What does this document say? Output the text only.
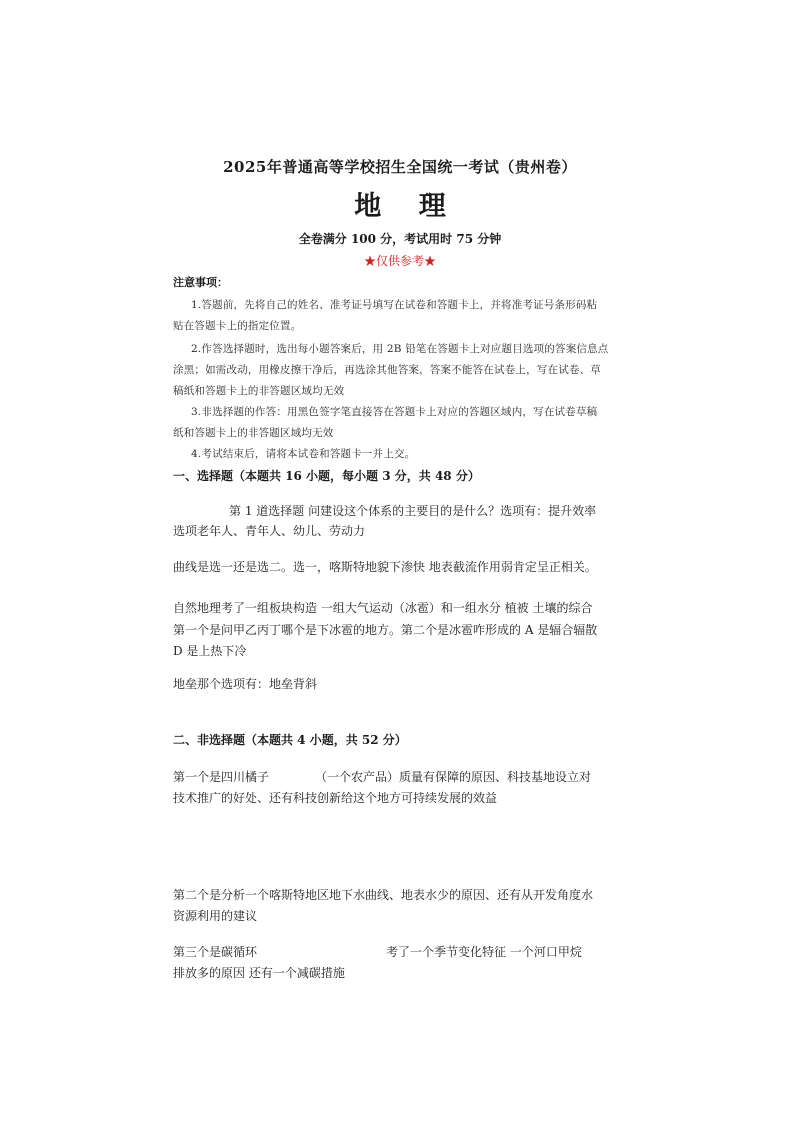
2025年普通高等学校招生全国统一考试（贵州卷）

地 理

全卷满分 100 分，考试用时 75 分钟

★仅供参考★

注意事项：

1.答题前，先将自己的姓名、准考证号填写在试卷和答题卡上，并将准考证号条形码粘

贴在答题卡上的指定位置。

2.作答选择题时，选出每小题答案后，用 2B 铅笔在答题卡上对应题目选项的答案信息点

涂黑；如需改动，用橡皮擦干净后，再选涂其他答案，答案不能答在试卷上，写在试卷、草

稿纸和答题卡上的非答题区域均无效

3.非选择题的作答：用黑色签字笔直接答在答题卡上对应的答题区域内，写在试卷草稿

纸和答题卡上的非答题区域均无效

4.考试结束后，请将本试卷和答题卡一并上交。

一、选择题（本题共 16 小题，每小题 3 分，共 48 分）

第 1 道选择题 问建设这个体系的主要目的是什么？选项有：提升效率

选项老年人、青年人、幼儿、劳动力

曲线是选一还是选二。选一，喀斯特地貌下渗快 地表截流作用弱肯定呈正相关。

自然地理考了一组板块构造 一组大气运动（冰雹）和一组水分 植被 土壤的综合

第一个是问甲乙丙丁哪个是下冰雹的地方。第二个是冰雹咋形成的 A 是辐合辐散

D 是上热下冷

地垒那个选项有：地垒背斜

二、非选择题（本题共 4 小题，共 52 分）

第一个是四川橘子	（一个农产品）质量有保障的原因、科技基地设立对

技术推广的好处、还有科技创新给这个地方可持续发展的效益

第二个是分析一个喀斯特地区地下水曲线、地表水少的原因、还有从开发角度水

资源利用的建议

第三个是碳循环	考了一个季节变化特征 一个河口甲烷

排放多的原因 还有一个减碳措施
